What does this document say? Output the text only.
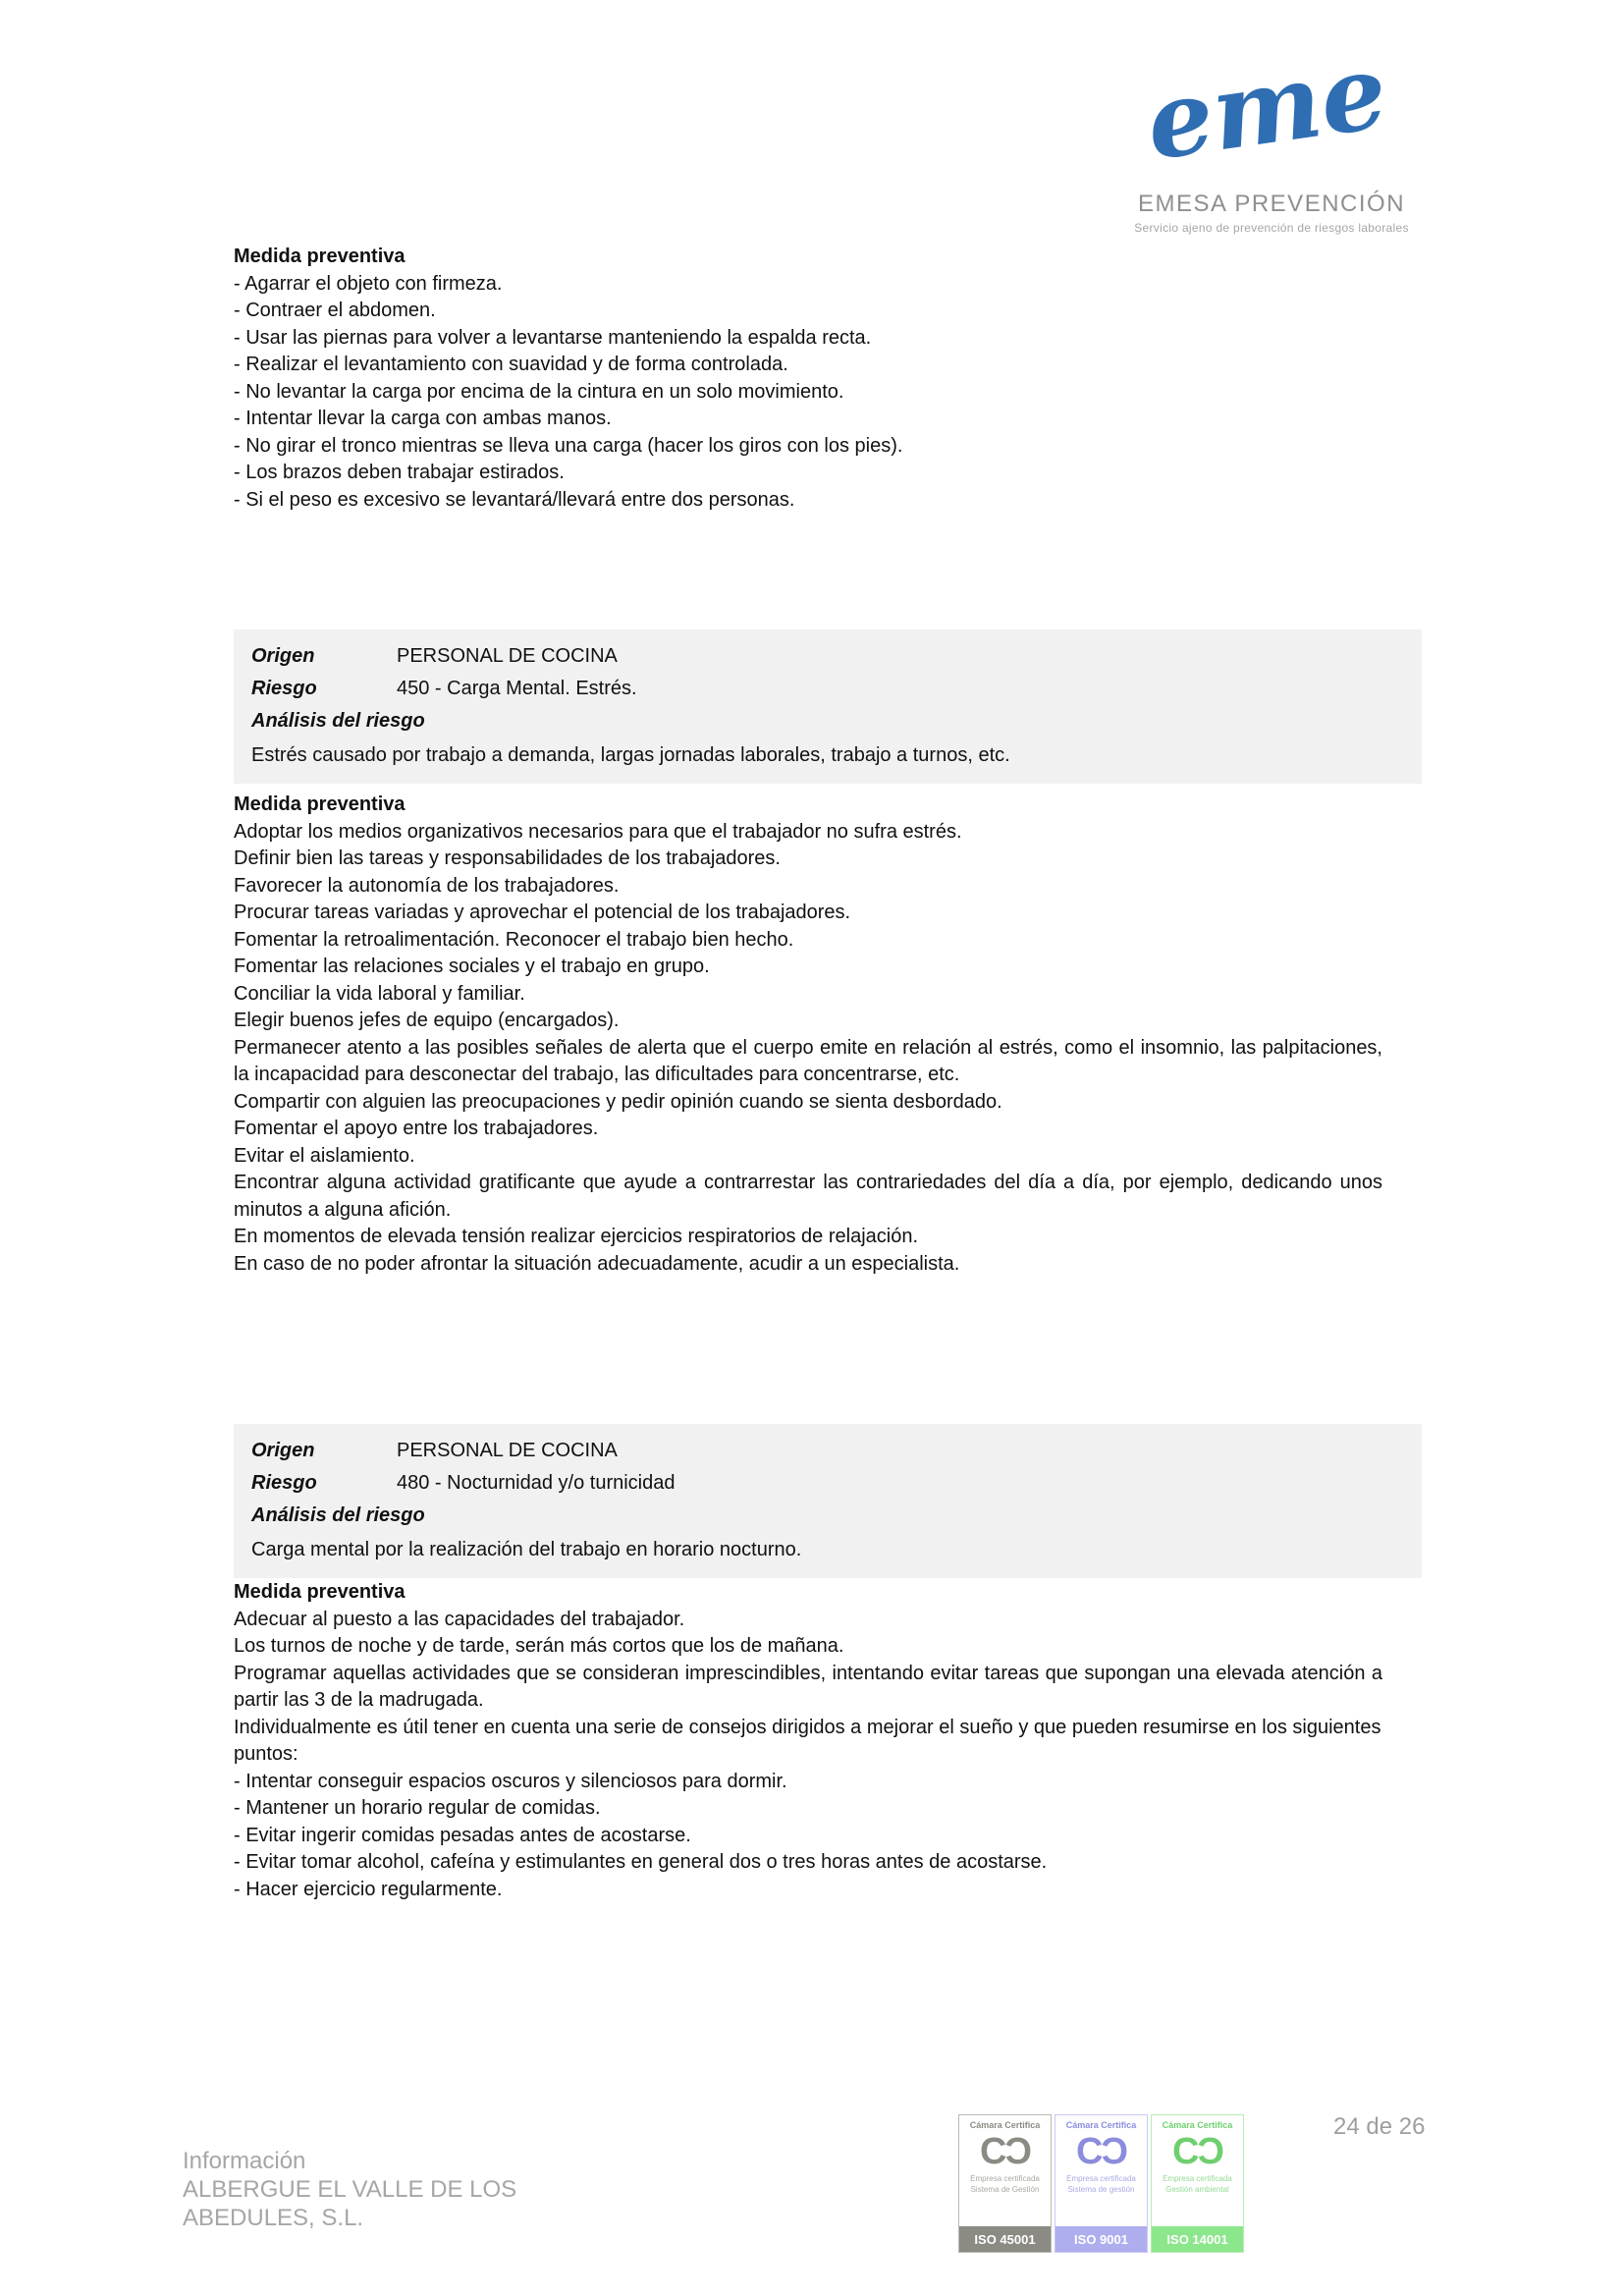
eme
EMESA PREVENCIÓN
Servicio ajeno de prevención de riesgos laborales
Medida preventiva
- Agarrar el objeto con firmeza.
- Contraer el abdomen.
- Usar las piernas para volver a levantarse manteniendo la espalda recta.
- Realizar el levantamiento con suavidad y de forma controlada.
- No levantar la carga por encima de la cintura en un solo movimiento.
- Intentar llevar la carga con ambas manos.
- No girar el tronco mientras se lleva una carga (hacer los giros con los pies).
- Los brazos deben trabajar estirados.
- Si el peso es excesivo se levantará/llevará entre dos personas.
Origen	PERSONAL DE COCINA
Riesgo	450 - Carga Mental. Estrés.
Análisis del riesgo
Estrés causado por trabajo a demanda, largas jornadas laborales, trabajo a turnos, etc.
Medida preventiva
Adoptar los medios organizativos necesarios para que el trabajador no sufra estrés.
Definir bien las tareas y responsabilidades de los trabajadores.
Favorecer la autonomía de los trabajadores.
Procurar tareas variadas y aprovechar el potencial de los trabajadores.
Fomentar la retroalimentación. Reconocer el trabajo bien hecho.
Fomentar las relaciones sociales y el trabajo en grupo.
Conciliar la vida laboral y familiar.
Elegir buenos jefes de equipo (encargados).
Permanecer atento a las posibles señales de alerta que el cuerpo emite en relación al estrés, como el insomnio, las palpitaciones, la incapacidad para desconectar del trabajo, las dificultades para concentrarse, etc.
Compartir con alguien las preocupaciones y pedir opinión cuando se sienta desbordado.
Fomentar el apoyo entre los trabajadores.
Evitar el aislamiento.
Encontrar alguna actividad gratificante que ayude a contrarrestar las contrariedades del día a día, por ejemplo, dedicando unos minutos a alguna afición.
En momentos de elevada tensión realizar ejercicios respiratorios de relajación.
En caso de no poder afrontar la situación adecuadamente, acudir a un especialista.
Origen	PERSONAL DE COCINA
Riesgo	480 - Nocturnidad y/o turnicidad
Análisis del riesgo
Carga mental por la realización del trabajo en horario nocturno.
Medida preventiva
Adecuar al puesto a las capacidades del trabajador.
Los turnos de noche y de tarde, serán más cortos que los de mañana.
Programar aquellas actividades que se consideran imprescindibles, intentando evitar tareas que supongan una elevada atención a partir las 3 de la madrugada.
Individualmente es útil tener en cuenta una serie de consejos dirigidos a mejorar el sueño y que pueden resumirse en los siguientes puntos:
- Intentar conseguir espacios oscuros y silenciosos para dormir.
- Mantener un horario regular de comidas.
- Evitar ingerir comidas pesadas antes de acostarse.
- Evitar tomar alcohol, cafeína y estimulantes en general dos o tres horas antes de acostarse.
- Hacer ejercicio regularmente.
Información
ALBERGUE EL VALLE DE LOS
ABEDULES, S.L.
24 de 26
Cámara Certifica
CƆ
Empresa certificada
Sistema de Gestión
ISO 45001
Cámara Certifica
CƆ
Empresa certificada
Sistema de gestión
ISO 9001
Cámara Certifica
CƆ
Empresa certificada
Gestión ambiental
ISO 14001
